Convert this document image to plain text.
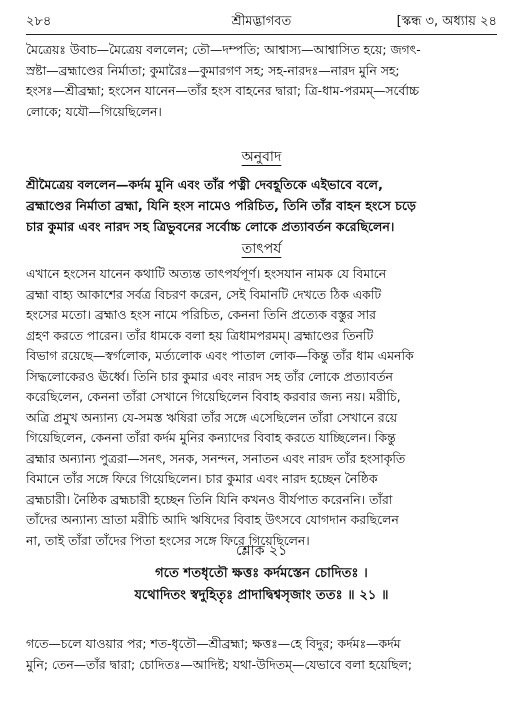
২৮৪	শ্রীমদ্ভাগবত	[স্কন্ধ ৩, অধ্যায় ২৪
মৈত্রেয়ঃ উবাচ—মৈত্রেয় বললেন; তৌ—দম্পতি; আশ্বাস্য—আশ্বাসিত হয়ে; জগৎ-
স্রষ্টা—ব্রহ্মাণ্ডের নির্মাতা; কুমারৈঃ—কুমারগণ সহ; সহ-নারদঃ—নারদ মুনি সহ;
হংসঃ—শ্রীব্রহ্মা; হংসেন যানেন—তাঁর হংস বাহনের দ্বারা; ত্রি-ধাম-পরমম্—সর্বোচ্চ
লোকে; যযৌ—গিয়েছিলেন।
অনুবাদ
শ্রীমৈত্রেয় বললেন—কর্দম মুনি এবং তাঁর পত্নী দেবহূতিকে এইভাবে বলে,
ব্রহ্মাণ্ডের নির্মাতা ব্রহ্মা, যিনি হংস নামেও পরিচিত, তিনি তাঁর বাহন হংসে চড়ে
চার কুমার এবং নারদ সহ ত্রিভুবনের সর্বোচ্চ লোকে প্রত্যাবর্তন করেছিলেন।
তাৎপর্য
এখানে হংসেন যানেন কথাটি অত্যন্ত তাৎপর্যপূর্ণ। হংসযান নামক যে বিমানে
ব্রহ্মা বাহ্য আকাশের সর্বত্র বিচরণ করেন, সেই বিমানটি দেখতে ঠিক একটি
হংসের মতো। ব্রহ্মাও হংস নামে পরিচিত, কেননা তিনি প্রত্যেক বস্তুর সার
গ্রহণ করতে পারেন। তাঁর ধামকে বলা হয় ত্রিধামপরমম্। ব্রহ্মাণ্ডের তিনটি
বিভাগ রয়েছে—স্বর্গলোক, মর্ত্যলোক এবং পাতাল লোক—কিন্তু তাঁর ধাম এমনকি
সিদ্ধলোকেরও ঊর্ধ্বে। তিনি চার কুমার এবং নারদ সহ তাঁর লোকে প্রত্যাবর্তন
করেছিলেন, কেননা তাঁরা সেখানে গিয়েছিলেন বিবাহ করবার জন্য নয়। মরীচি,
অত্রি প্রমুখ অন্যান্য যে-সমস্ত ঋষিরা তাঁর সঙ্গে এসেছিলেন তাঁরা সেখানে রয়ে
গিয়েছিলেন, কেননা তাঁরা কর্দম মুনির কন্যাদের বিবাহ করতে যাচ্ছিলেন। কিন্তু
ব্রহ্মার অন্যান্য পুত্ররা—সনৎ, সনক, সনন্দন, সনাতন এবং নারদ তাঁর হংসাকৃতি
বিমানে তাঁর সঙ্গে ফিরে গিয়েছিলেন। চার কুমার এবং নারদ হচ্ছেন নৈষ্ঠিক
ব্রহ্মচারী। নৈষ্ঠিক ব্রহ্মচারী হচ্ছেন তিনি যিনি কখনও বীর্যপাত করেননি। তাঁরা
তাঁদের অন্যান্য ভ্রাতা মরীচি আদি ঋষিদের বিবাহ উৎসবে যোগদান করছিলেন
না, তাই তাঁরা তাঁদের পিতা হংসের সঙ্গে ফিরে গিয়েছিলেন।
শ্লোক ২১
গতে শতধৃতৌ ক্ষত্তঃ কর্দমস্তেন চোদিতঃ ।
যথোদিতং স্বদুহিতৃঃ প্রাদাদ্বিশ্বসৃজাং ততঃ ॥ ২১ ॥
গতে—চলে যাওয়ার পর; শত-ধৃতৌ—শ্রীব্রহ্মা; ক্ষত্তঃ—হে বিদুর; কর্দমঃ—কর্দম
মুনি; তেন—তাঁর দ্বারা; চোদিতঃ—আদিষ্ট; যথা-উদিতম্—যেভাবে বলা হয়েছিল;
